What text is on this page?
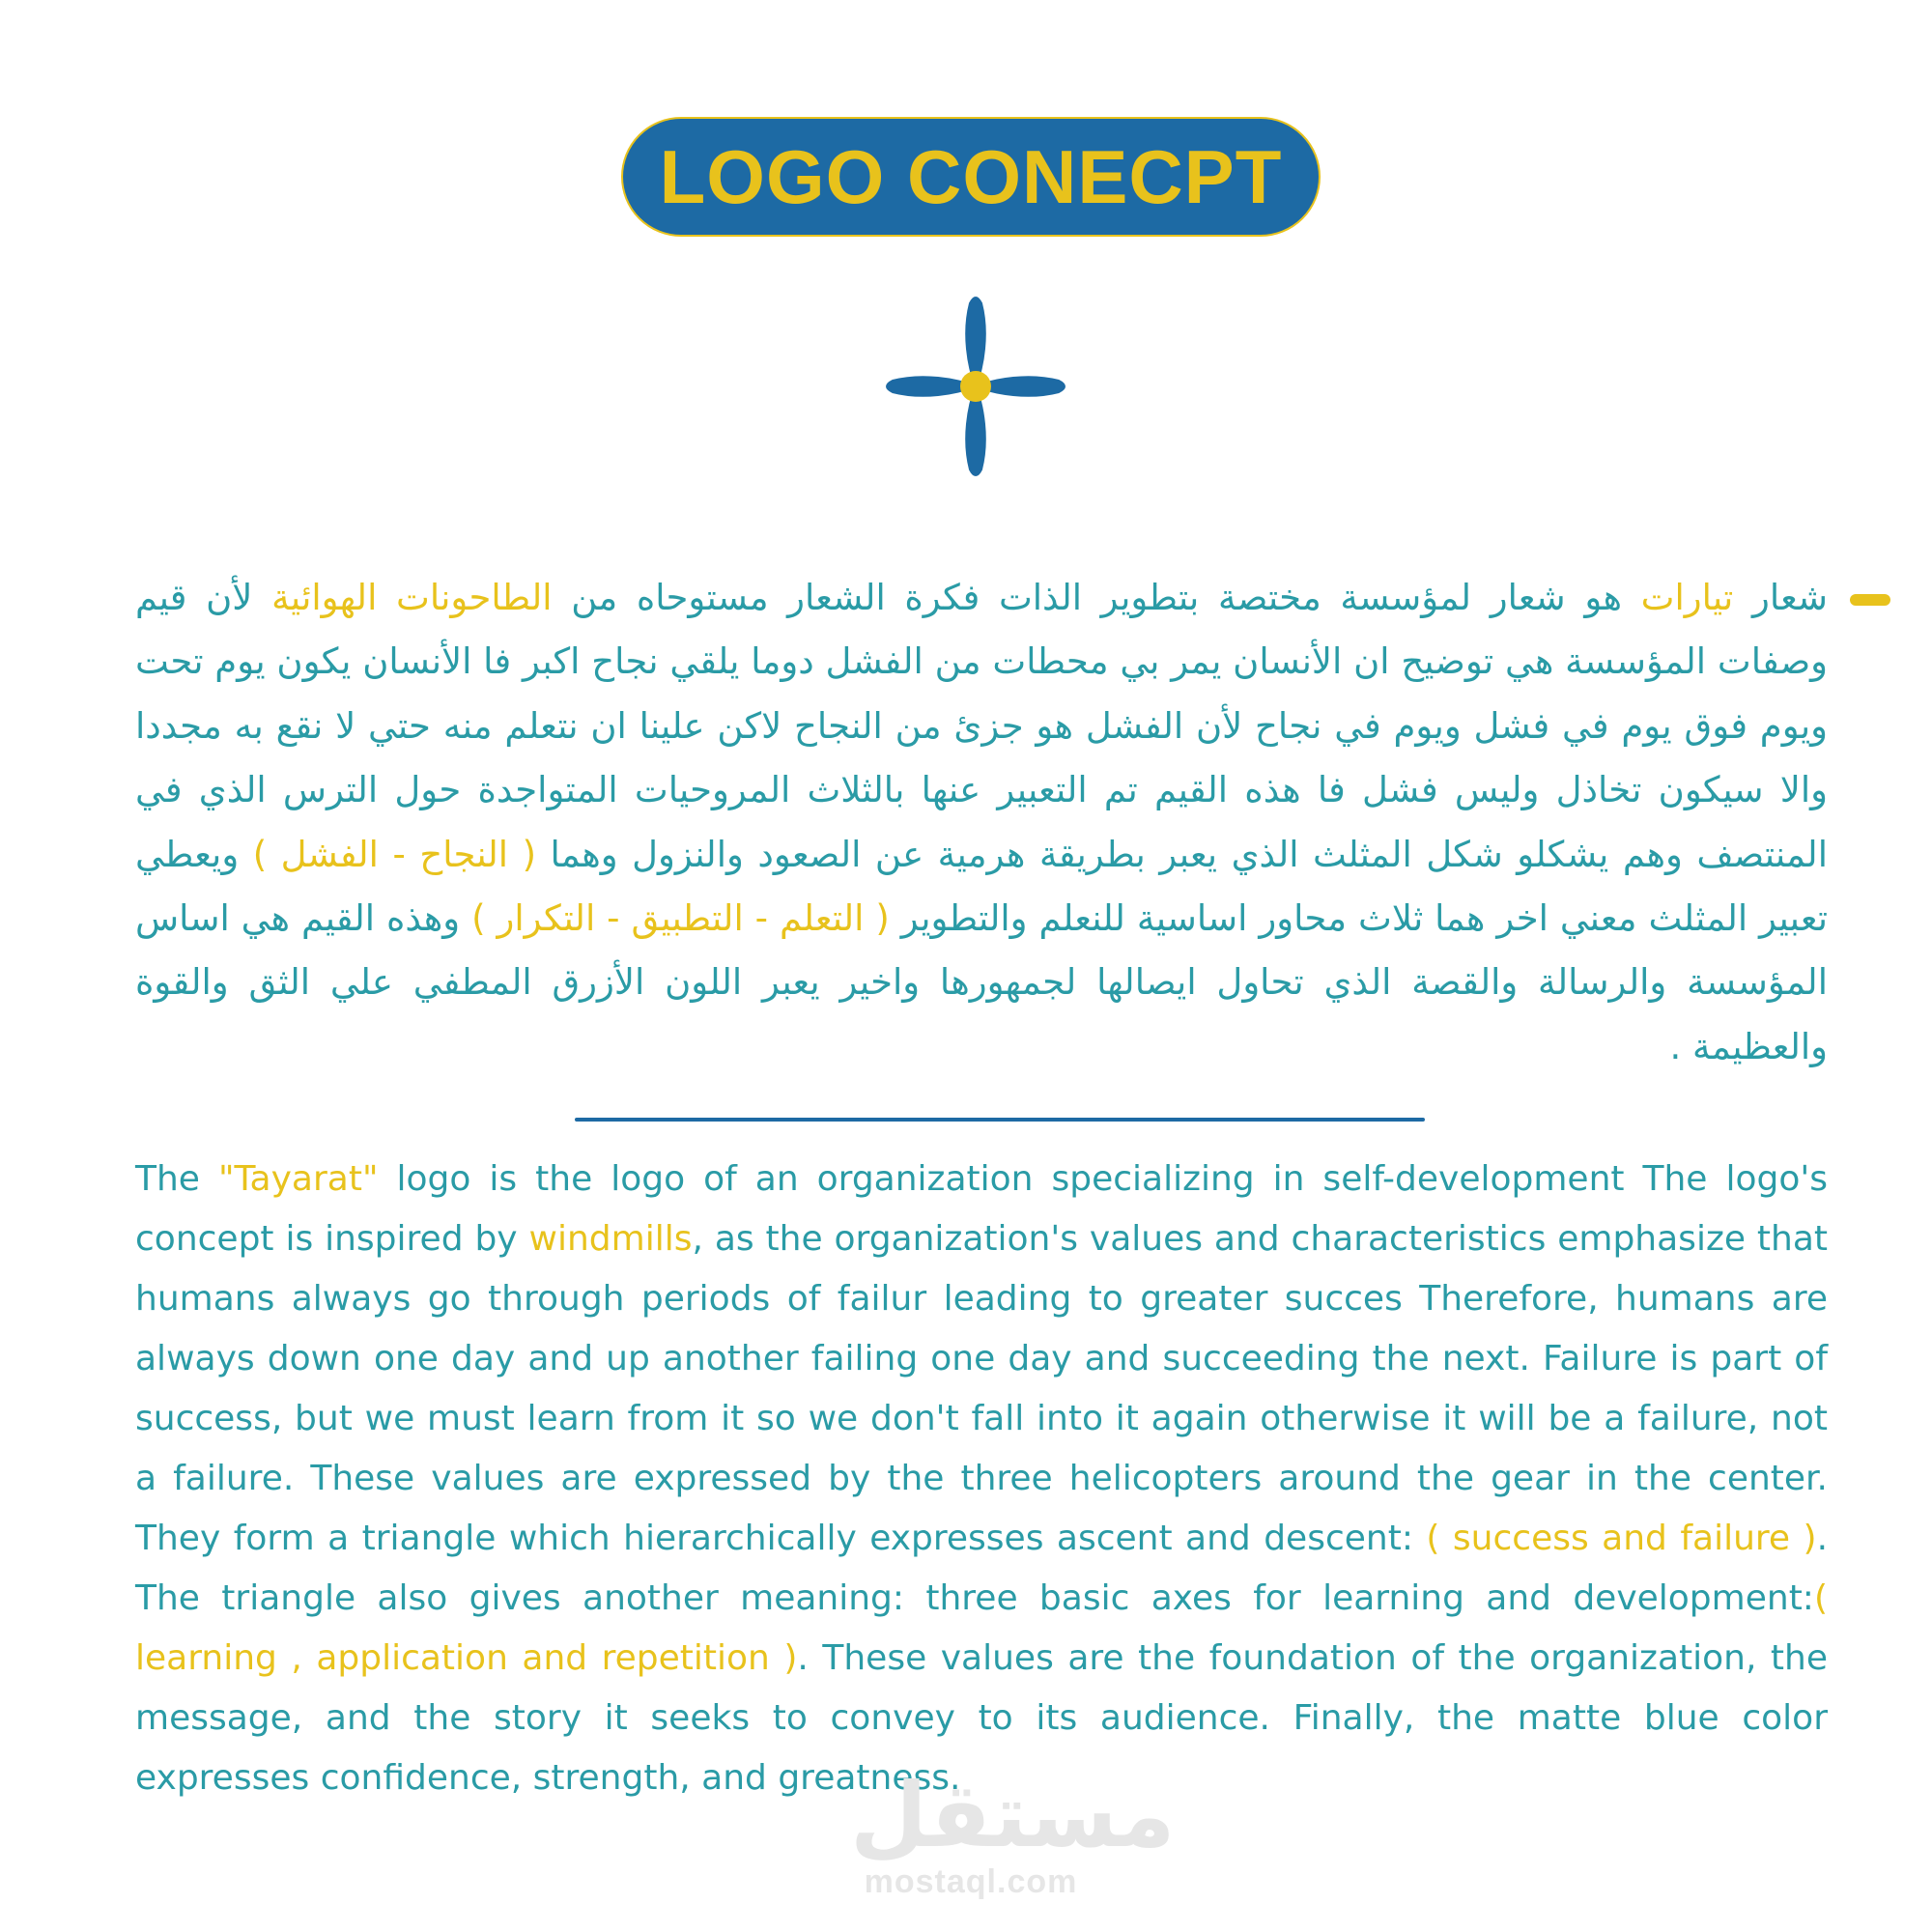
LOGO CONECPT
شعار تيارات هو شعار لمؤسسة مختصة بتطوير الذات فكرة الشعار مستوحاه من الطاحونات الهوائية لأن قيم وصفات المؤسسة هي توضيح ان الأنسان يمر بي محطات من الفشل دوما يلقي نجاح اكبر فا الأنسان يكون يوم تحت ويوم فوق يوم في فشل ويوم في نجاح لأن الفشل هو جزئ من النجاح لاكن علينا ان نتعلم منه حتي لا نقع به مجددا والا سيكون تخاذل وليس فشل فا هذه القيم تم التعبير عنها بالثلاث المروحيات المتواجدة حول الترس الذي في المنتصف وهم يشكلو شكل المثلث الذي يعبر بطريقة هرمية عن الصعود والنزول وهما ( النجاح - الفشل ) ويعطي تعبير المثلث معني اخر هما ثلاث محاور اساسية للنعلم والتطوير ( التعلم - التطبيق - التكرار ) وهذه القيم هي اساس المؤسسة والرسالة والقصة الذي تحاول ايصالها لجمهورها واخير يعبر اللون الأزرق المطفي علي الثق والقوة والعظيمة .
The "Tayarat" logo is the logo of an organization specializing in self-development The logo's concept is inspired by windmills, as the organization's values and characteristics emphasize that humans always go through periods of failur leading to greater succes Therefore, humans are always down one day and up another failing one day and succeeding the next. Failure is part of success, but we must learn from it so we don't fall into it again otherwise it will be a failure, not a failure. These values are expressed by the three helicopters around the gear in the center. They form a triangle which hierarchically expresses ascent and descent: ( success and failure ). The triangle also gives another meaning: three basic axes for learning and development:( learning , application and repetition ). These values are the foundation of the organization, the message, and the story it seeks to convey to its audience. Finally, the matte blue color expresses confidence, strength, and greatness.
مستقل
mostaql.com
